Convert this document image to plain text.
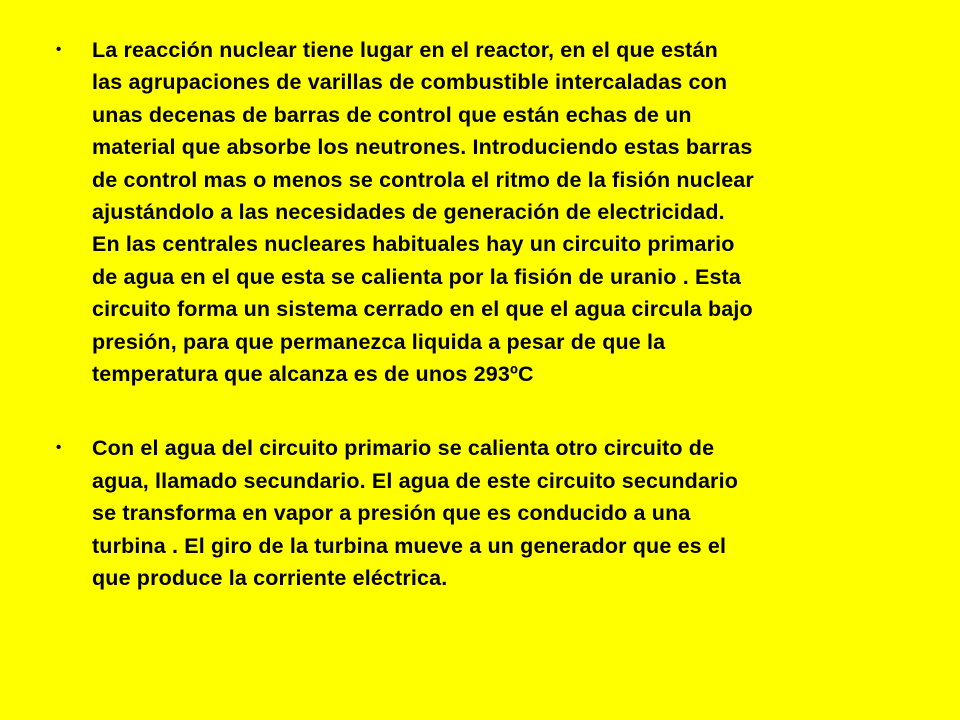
• La reacción nuclear tiene lugar en el reactor, en el que están
las agrupaciones de varillas de combustible intercaladas con
unas decenas de barras de control que están echas de un
material que absorbe los neutrones. Introduciendo estas barras
de control mas o menos se controla el ritmo de la fisión nuclear
ajustándolo a las necesidades de generación de electricidad.
En las centrales nucleares habituales hay un circuito primario
de agua en el que esta se calienta por la fisión de uranio . Esta
circuito forma un sistema cerrado en el que el agua circula bajo
presión, para que permanezca liquida a pesar de que la
temperatura que alcanza es de unos 293ºC
• Con el agua del circuito primario se calienta otro circuito de
agua, llamado secundario. El agua de este circuito secundario
se transforma en vapor a presión que es conducido a una
turbina . El giro de la turbina mueve a un generador que es el
que produce la corriente eléctrica.
